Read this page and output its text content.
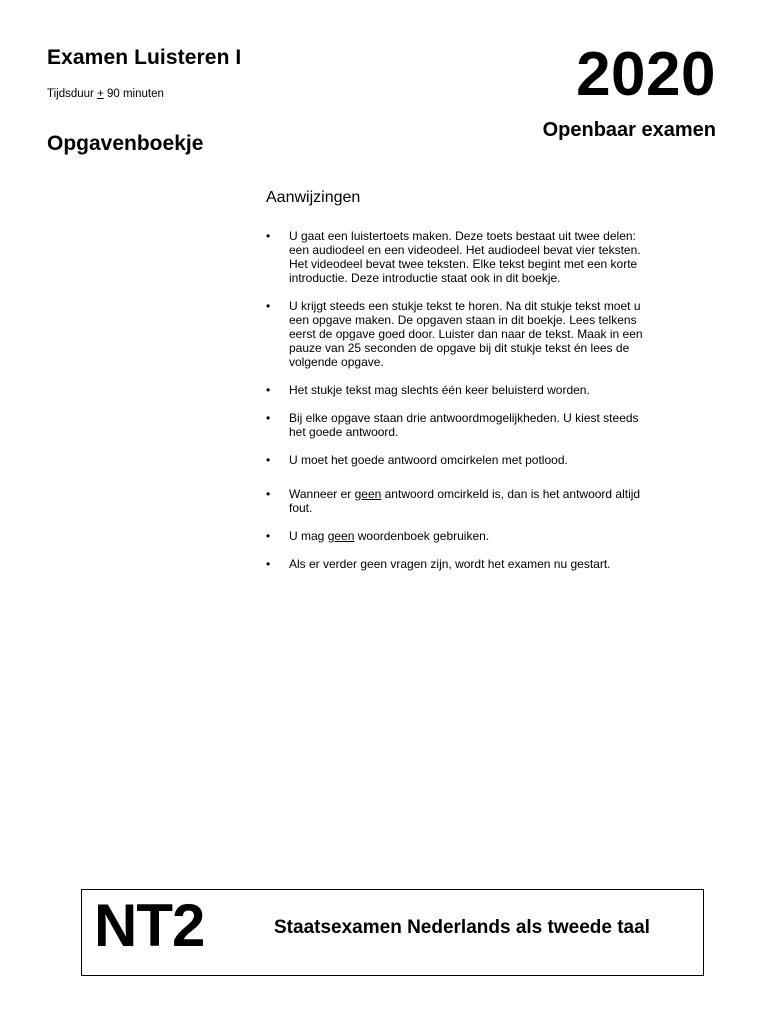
Examen Luisteren I
Tijdsduur + 90 minuten
Opgavenboekje
2020
Openbaar examen
Aanwijzingen
• U gaat een luistertoets maken. Deze toets bestaat uit twee delen: een audiodeel en een videodeel. Het audiodeel bevat vier teksten. Het videodeel bevat twee teksten. Elke tekst begint met een korte introductie. Deze introductie staat ook in dit boekje.
• U krijgt steeds een stukje tekst te horen. Na dit stukje tekst moet u een opgave maken. De opgaven staan in dit boekje. Lees telkens eerst de opgave goed door. Luister dan naar de tekst. Maak in een pauze van 25 seconden de opgave bij dit stukje tekst én lees de volgende opgave.
• Het stukje tekst mag slechts één keer beluisterd worden.
• Bij elke opgave staan drie antwoordmogelijkheden. U kiest steeds het goede antwoord.
• U moet het goede antwoord omcirkelen met potlood.
• Wanneer er geen antwoord omcirkeld is, dan is het antwoord altijd fout.
• U mag geen woordenboek gebruiken.
• Als er verder geen vragen zijn, wordt het examen nu gestart.
NT2	Staatsexamen Nederlands als tweede taal
